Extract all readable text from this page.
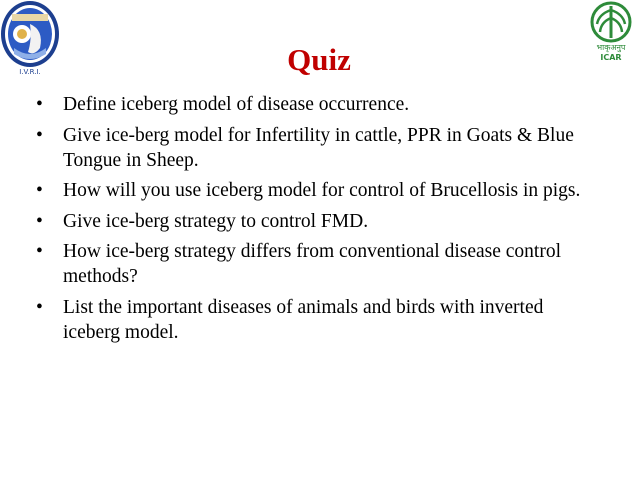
I.V.R.I.
भाकृअनुप
ICAR
Quiz
•	Define iceberg model of disease occurrence.
•	Give ice-berg model for Infertility in cattle, PPR in Goats & Blue Tongue in Sheep.
•	How will you use iceberg model for control of Brucellosis in pigs.
•	Give ice-berg strategy to control FMD.
•	How ice-berg strategy differs from conventional disease control methods?
•	List the important diseases of animals and birds with inverted iceberg model.
